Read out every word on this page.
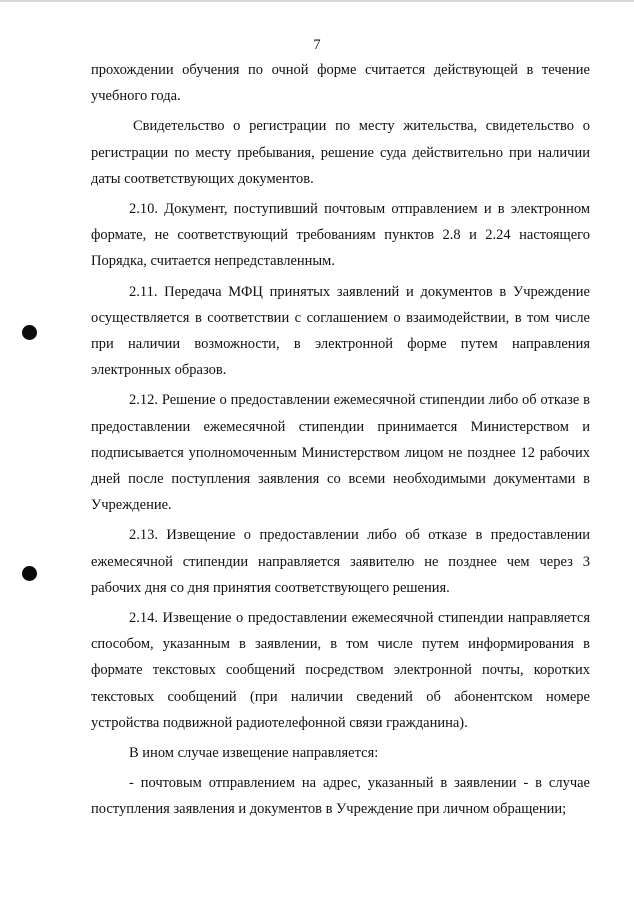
7

прохождении обучения по очной форме считается действующей в течение учебного года.

Свидетельство о регистрации по месту жительства, свидетельство о регистрации по месту пребывания, решение суда действительно при наличии даты соответствующих документов.

2.10. Документ, поступивший почтовым отправлением и в электронном формате, не соответствующий требованиям пунктов 2.8 и 2.24 настоящего Порядка, считается непредставленным.

2.11. Передача МФЦ принятых заявлений и документов в Учреждение осуществляется в соответствии с соглашением о взаимодействии, в том числе при наличии возможности, в электронной форме путем направления электронных образов.

2.12. Решение о предоставлении ежемесячной стипендии либо об отказе в предоставлении ежемесячной стипендии принимается Министерством и подписывается уполномоченным Министерством лицом не позднее 12 рабочих дней после поступления заявления со всеми необходимыми документами в Учреждение.

2.13. Извещение о предоставлении либо об отказе в предоставлении ежемесячной стипендии направляется заявителю не позднее чем через 3 рабочих дня со дня принятия соответствующего решения.

2.14. Извещение о предоставлении ежемесячной стипендии направляется способом, указанным в заявлении, в том числе путем информирования в формате текстовых сообщений посредством электронной почты, коротких текстовых сообщений (при наличии сведений об абонентском номере устройства подвижной радиотелефонной связи гражданина).

В ином случае извещение направляется:

- почтовым отправлением на адрес, указанный в заявлении - в случае поступления заявления и документов в Учреждение при личном обращении;
